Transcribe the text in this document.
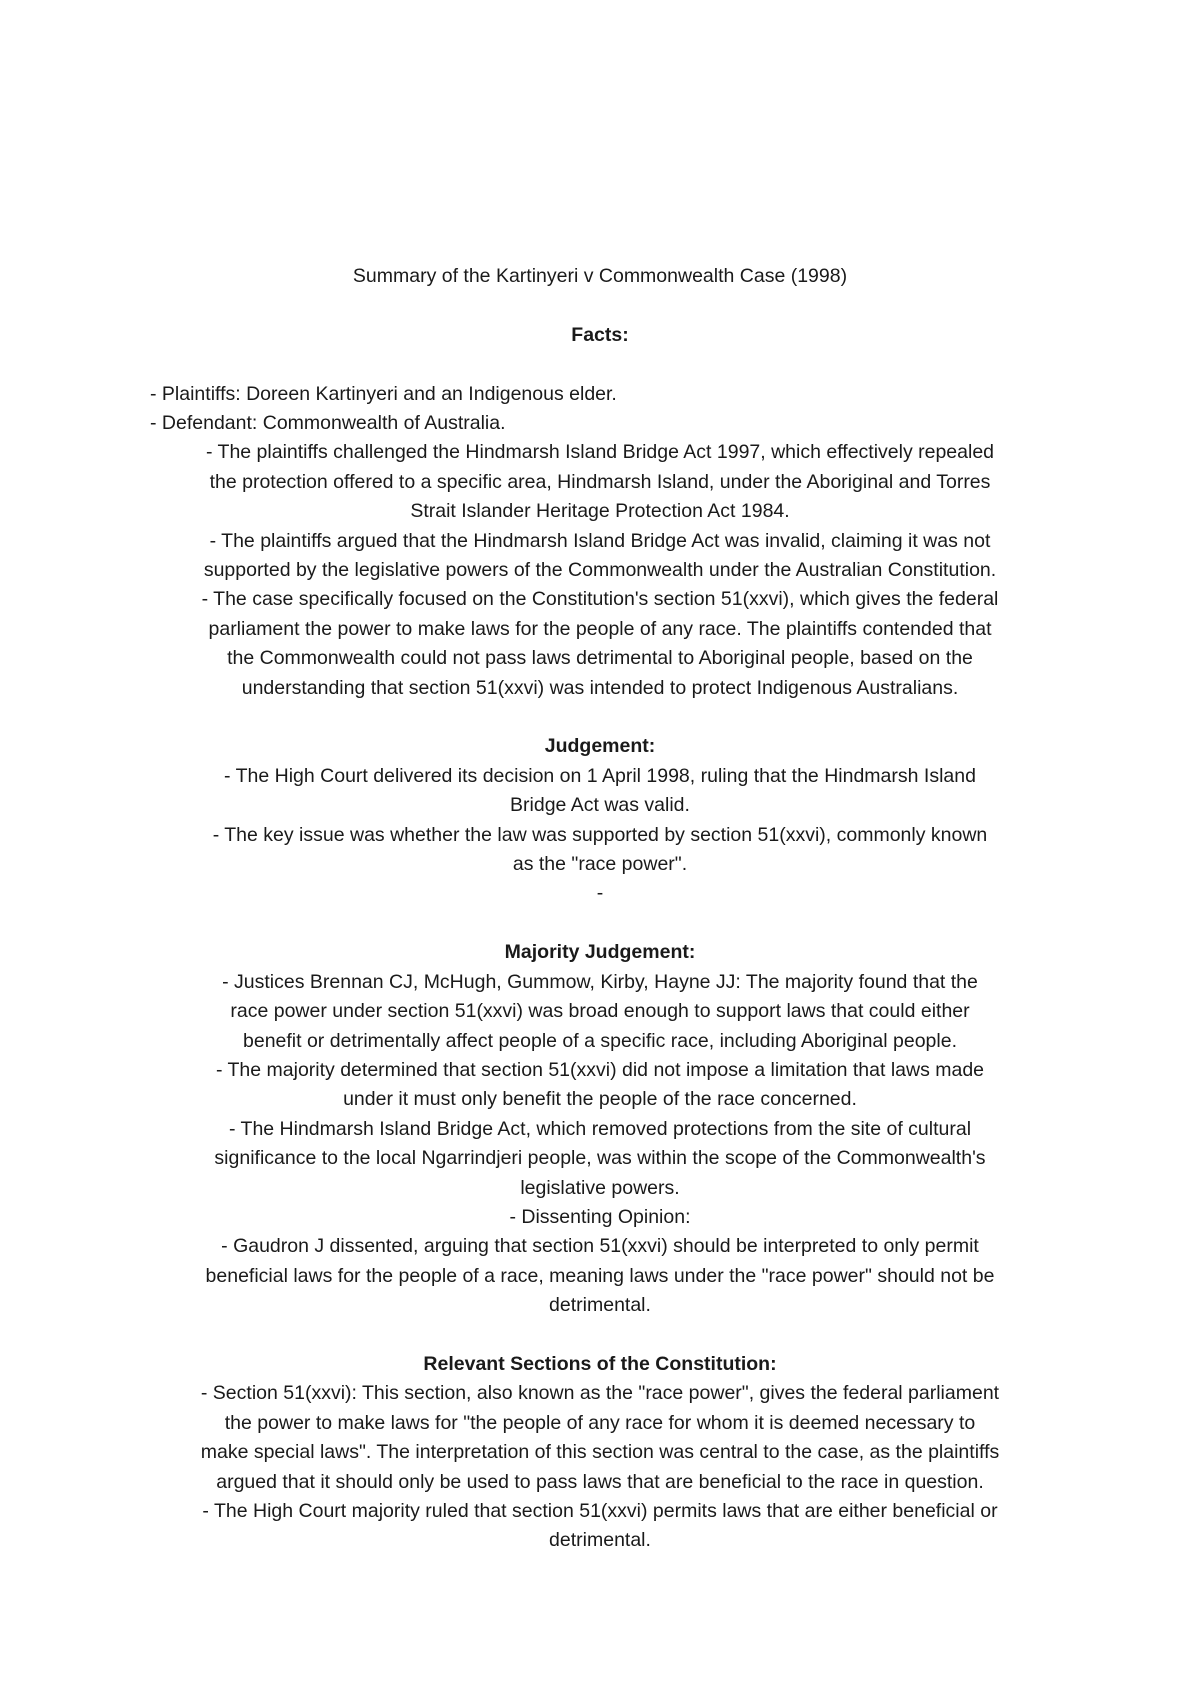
Summary of the Kartinyeri v Commonwealth Case (1998)
Facts:
- Plaintiffs: Doreen Kartinyeri and an Indigenous elder.
- Defendant: Commonwealth of Australia.
- The plaintiffs challenged the Hindmarsh Island Bridge Act 1997, which effectively repealed
the protection offered to a specific area, Hindmarsh Island, under the Aboriginal and Torres
Strait Islander Heritage Protection Act 1984.
- The plaintiffs argued that the Hindmarsh Island Bridge Act was invalid, claiming it was not
supported by the legislative powers of the Commonwealth under the Australian Constitution.
- The case specifically focused on the Constitution's section 51(xxvi), which gives the federal
parliament the power to make laws for the people of any race. The plaintiffs contended that
the Commonwealth could not pass laws detrimental to Aboriginal people, based on the
understanding that section 51(xxvi) was intended to protect Indigenous Australians.
Judgement:
- The High Court delivered its decision on 1 April 1998, ruling that the Hindmarsh Island
Bridge Act was valid.
- The key issue was whether the law was supported by section 51(xxvi), commonly known
as the "race power".
-
Majority Judgement:
- Justices Brennan CJ, McHugh, Gummow, Kirby, Hayne JJ: The majority found that the
race power under section 51(xxvi) was broad enough to support laws that could either
benefit or detrimentally affect people of a specific race, including Aboriginal people.
- The majority determined that section 51(xxvi) did not impose a limitation that laws made
under it must only benefit the people of the race concerned.
- The Hindmarsh Island Bridge Act, which removed protections from the site of cultural
significance to the local Ngarrindjeri people, was within the scope of the Commonwealth's
legislative powers.
- Dissenting Opinion:
- Gaudron J dissented, arguing that section 51(xxvi) should be interpreted to only permit
beneficial laws for the people of a race, meaning laws under the "race power" should not be
detrimental.
Relevant Sections of the Constitution:
- Section 51(xxvi): This section, also known as the "race power", gives the federal parliament
the power to make laws for "the people of any race for whom it is deemed necessary to
make special laws". The interpretation of this section was central to the case, as the plaintiffs
argued that it should only be used to pass laws that are beneficial to the race in question.
- The High Court majority ruled that section 51(xxvi) permits laws that are either beneficial or
detrimental.
